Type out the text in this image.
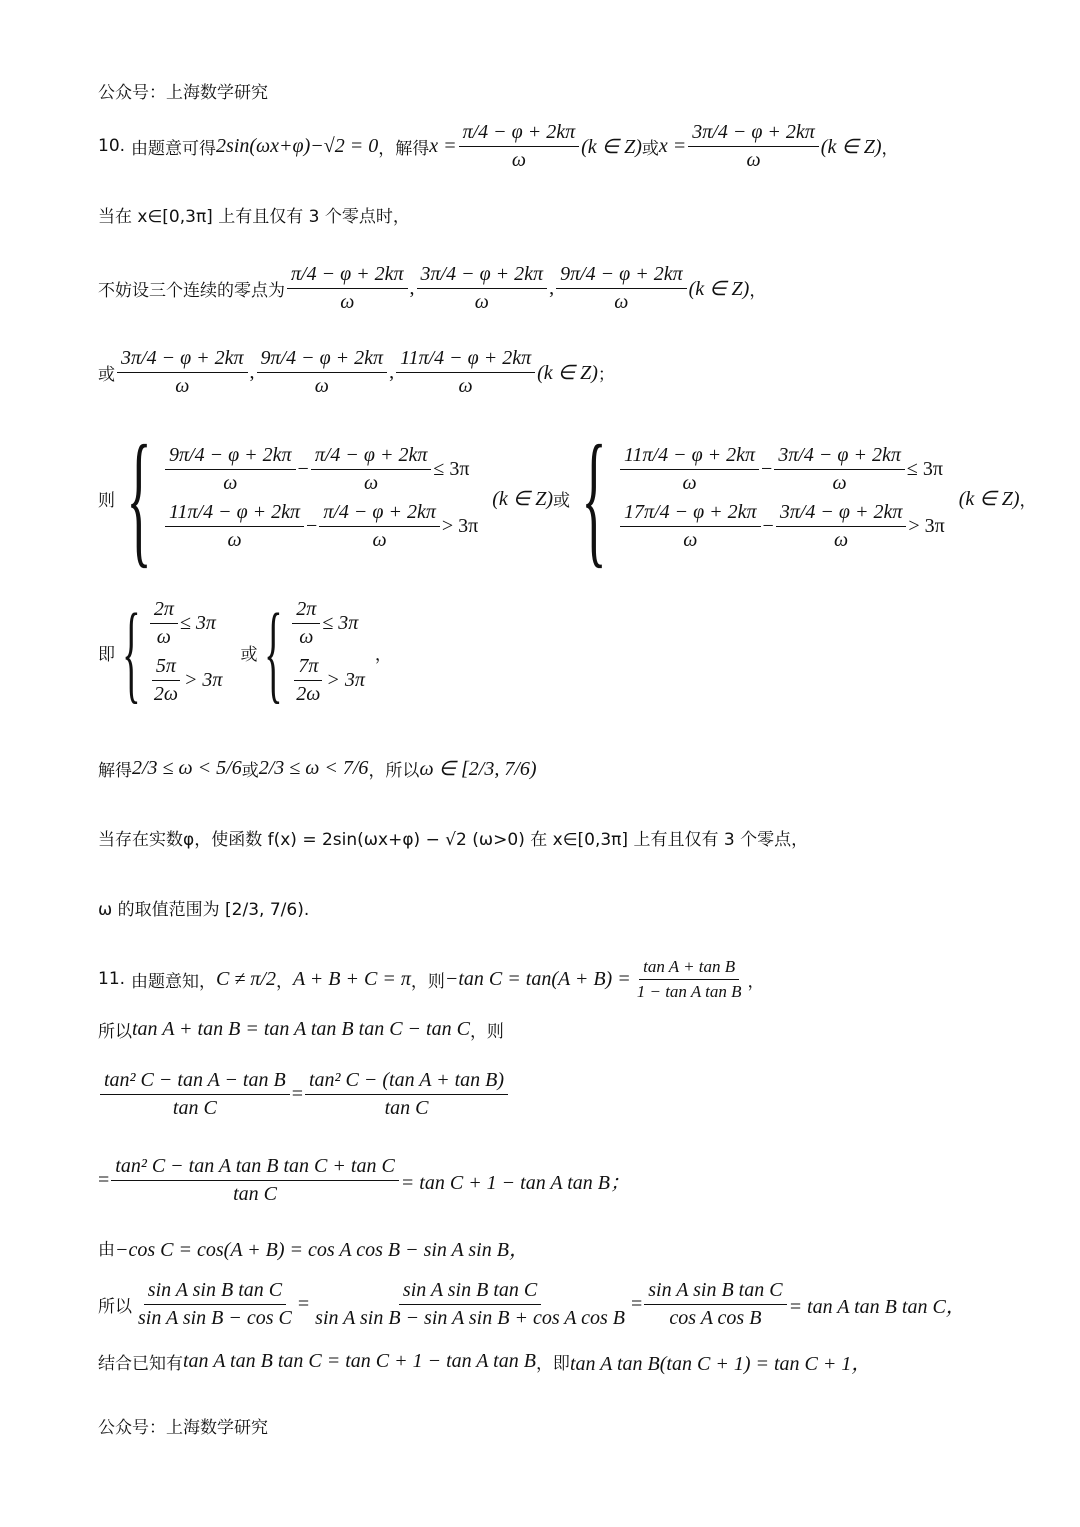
公众号：上海数学研究
10. 由题意可得 2sin(ωx+φ)−√2 = 0 ，解得 $x = \frac{\pi/4 - \varphi + 2k\pi}{\omega} (k$ ∈ Z) 或 $x = \frac{3\pi/4 - \varphi + 2k\pi}{\omega} (k$ ∈ Z) ，
当在 x∈[0,3π] 上有且仅有 3 个零点时，
不妨设三个连续的零点为 $\frac{\pi/4 - \varphi + 2k\pi}{\omega}$ , $\frac{3\pi/4 - \varphi + 2k\pi}{\omega}$ , $\frac{9\pi/4 - \varphi + 2k\pi}{\omega} (k$ ∈ Z) ，
或 $\frac{3\pi/4 - \varphi + 2k\pi}{\omega}$ , $\frac{9\pi/4 - \varphi + 2k\pi}{\omega}$ , $\frac{11\pi/4 - \varphi + 2k\pi}{\omega} (k$ ∈ Z) ；
则 { $\frac{9\pi/4 - \varphi + 2k\pi}{\omega} - \frac{\pi/4 - \varphi + 2k\pi}{\omega} \le 3\pi$
$\frac{11\pi/4 - \varphi + 2k\pi}{\omega} - \frac{\pi/4 - \varphi + 2k\pi}{\omega} > 3\pi$
(k ∈ Z) 或 { $\frac{11\pi/4 - \varphi + 2k\pi}{\omega} - \frac{3\pi/4 - \varphi + 2k\pi}{\omega} \le 3\pi$
$\frac{17\pi/4 - \varphi + 2k\pi}{\omega} - \frac{3\pi/4 - \varphi + 2k\pi}{\omega} > 3\pi$
(k ∈ Z) ，
即 { $\frac{2\pi}{\omega} \le 3\pi$
$\frac{5\pi}{2\omega} > 3\pi$
或 { $\frac{2\pi}{\omega} \le 3\pi$
$\frac{7\pi}{2\omega} > 3\pi$
，
解得 2/3 ≤ ω < 5/6 或 2/3 ≤ ω < 7/6 ，所以 ω ∈ [2/3, 7/6)
当存在实数φ，使函数 f(x) = 2sin(ωx+φ) − √2 (ω>0) 在 x∈[0,3π] 上有且仅有 3 个零点，
ω 的取值范围为 [2/3, 7/6).
11. 由题意知， C ≠ π/2 ， A + B + C = π ，则 −tan $C = \tan(A + B) = \frac{\text{tan A + tan B}}{\text{1 − tan A tan B}}$ ，
所以 tan A + tan B = tan A tan B tan C − tan C ，则
$\frac{\text{tan² C − tan A − tan B}}{\text{tan C}} = \frac{\text{tan² C − (tan A + tan B)}}{\text{tan C}}$
= $\frac{\text{tan² C − tan A tan B tan C + tan C}}{\text{tan C}} = \tan C + 1 - \tan A$ tan B；
由 −cos C = cos(A + B) = cos A cos B − sin A sin B，
所以 $\frac{\text{sin A sin B tan C}}{\text{sin A sin B − cos C}} = \frac{\text{sin A sin B tan C}}{\text{sin A sin B − sin A sin B + cos A cos B}} = \frac{\text{sin A sin B tan C}}{\text{cos A cos B}} = \tan A$ tan B tan C，
结合已知有 tan A tan B tan C = tan C + 1 − tan A tan B ，即 tan A tan B(tan C + 1) = tan C + 1，
公众号：上海数学研究
